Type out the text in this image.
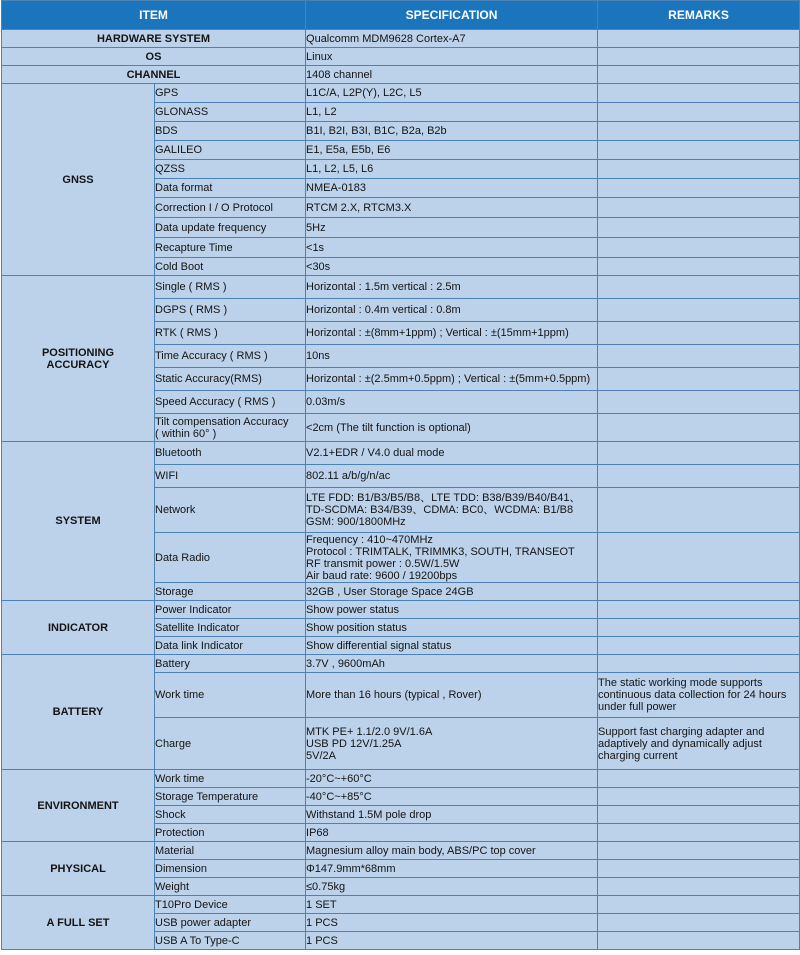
ITEM		SPECIFICATION	REMARKS

HARDWARE SYSTEM		Qualcomm MDM9628 Cortex-A7	

OS		Linux	

CHANNEL		1408 channel	

GNSS	GPS	L1C/A, L2P(Y), L2C, L5	

	GLONASS	L1, L2	

	BDS	B1I, B2I, B3I, B1C, B2a, B2b	

	GALILEO	E1, E5a, E5b, E6	

	QZSS	L1, L2, L5, L6	

	Data format	NMEA-0183	

	Correction I / O Protocol	RTCM 2.X, RTCM3.X	

	Data update frequency	5Hz	

	Recapture Time	<1s	

	Cold Boot	<30s	

POSITIONING
ACCURACY	Single ( RMS )	Horizontal : 1.5m vertical : 2.5m	

	DGPS ( RMS )	Horizontal : 0.4m vertical : 0.8m	

	RTK ( RMS )	Horizontal : ±(8mm+1ppm) ; Vertical : ±(15mm+1ppm)	

	Time Accuracy ( RMS )	10ns	

	Static Accuracy(RMS)	Horizontal : ±(2.5mm+0.5ppm) ; Vertical : ±(5mm+0.5ppm)	

	Speed Accuracy ( RMS )	0.03m/s	

	Tilt compensation Accuracy
( within 60° )	<2cm (The tilt function is optional)	

SYSTEM	Bluetooth	V2.1+EDR / V4.0 dual mode	

	WIFI	802.11 a/b/g/n/ac	

	Network	LTE FDD: B1/B3/B5/B8、LTE TDD: B38/B39/B40/B41、
TD-SCDMA: B34/B39、CDMA: BC0、WCDMA: B1/B8
GSM: 900/1800MHz	

	Data Radio	Frequency : 410~470MHz
Protocol : TRIMTALK, TRIMMK3, SOUTH, TRANSEOT
RF transmit power : 0.5W/1.5W
Air baud rate: 9600 / 19200bps	

	Storage	32GB , User Storage Space 24GB	

INDICATOR	Power Indicator	Show power status	

	Satellite Indicator	Show position status	

	Data link Indicator	Show differential signal status	

BATTERY	Battery	3.7V , 9600mAh	

	Work time	More than 16 hours (typical , Rover)	The static working mode supports continuous data collection for 24 hours under full power

	Charge	MTK PE+ 1.1/2.0 9V/1.6A
USB PD 12V/1.25A
5V/2A	Support fast charging adapter and adaptively and dynamically adjust charging current

ENVIRONMENT	Work time	-20°C~+60°C	

	Storage Temperature	-40°C~+85°C	

	Shock	Withstand 1.5M pole drop	

	Protection	IP68	

PHYSICAL	Material	Magnesium alloy main body, ABS/PC top cover	

	Dimension	Φ147.9mm*68mm	

	Weight	≤0.75kg	

A FULL SET	T10Pro Device	1 SET	

	USB power adapter	1 PCS	

	USB A To Type-C	1 PCS	
